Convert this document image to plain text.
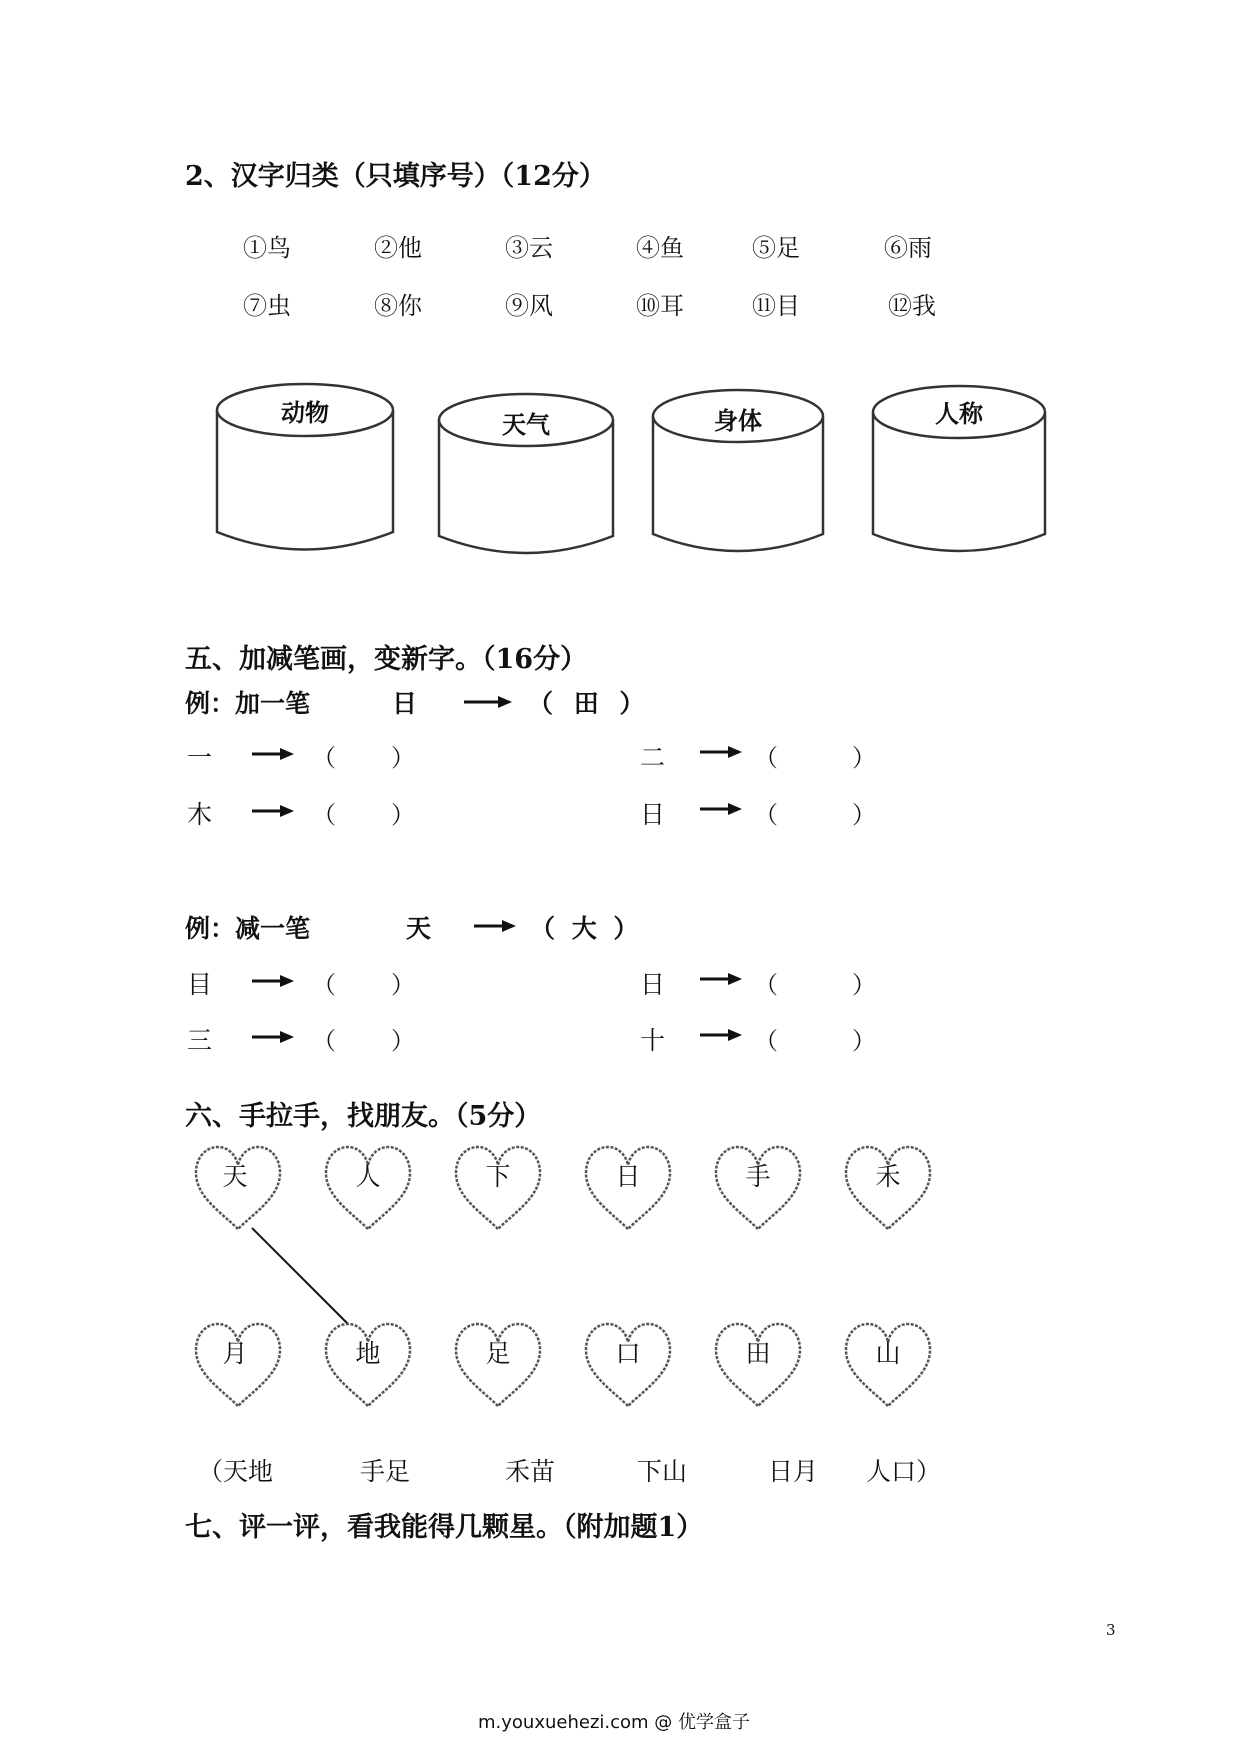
2、汉字归类（只填序号）（12分）
①鸟	②他	③云	④鱼	⑤足	⑥雨
⑦虫	⑧你	⑨风	⑩耳	⑪目	⑫我
动物	天气	身体	人称
五、加减笔画，变新字。（16分）
例：加一笔	日	（ 田 ）
一	（ ）	二	（	）
木	（ ）	日	（	）
例：减一笔	天	（ 大 ）
目	（ ）	日	（	）
三	（ ）	十	（	）
六、手拉手，找朋友。（5分）
天	人	下	日	手	禾
月	地	足	口	田	山
（天地	手足	禾苗	下山	日月 人口）
七、评一评，看我能得几颗星。（附加题1）
3
m.youxuehezi.com @ 优学盒子
